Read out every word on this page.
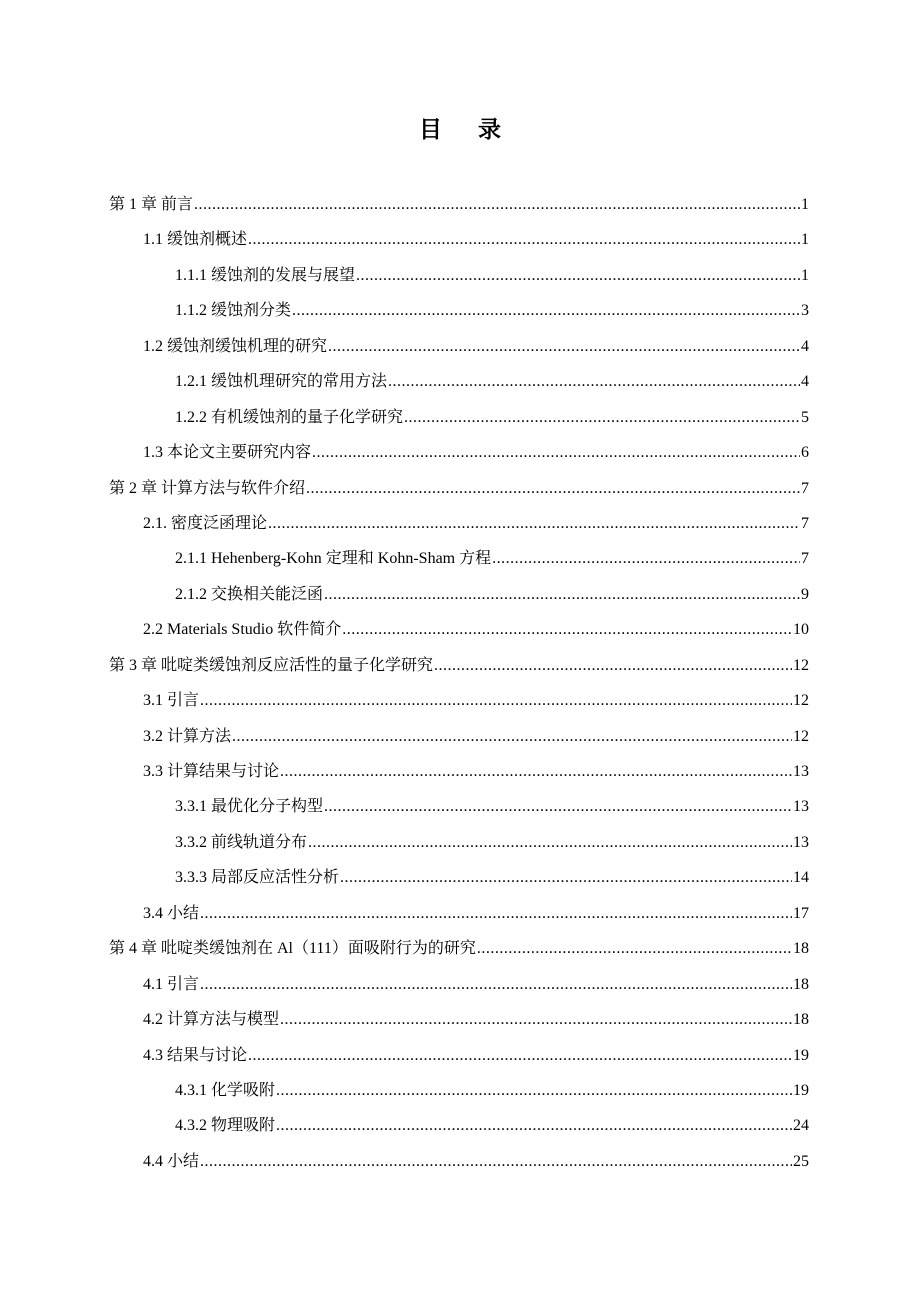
目 录
第 1 章 前言 .....	1
1.1 缓蚀剂概述 .....	1
1.1.1 缓蚀剂的发展与展望 .....	1
1.1.2 缓蚀剂分类 .....	3
1.2 缓蚀剂缓蚀机理的研究 .....	4
1.2.1 缓蚀机理研究的常用方法 .....	4
1.2.2 有机缓蚀剂的量子化学研究 .....	5
1.3 本论文主要研究内容 .....	6
第 2 章 计算方法与软件介绍 .....	7
2.1. 密度泛函理论 .....	7
2.1.1 Hehenberg-Kohn 定理和 Kohn-Sham 方程 .....	7
2.1.2 交换相关能泛函 .....	9
2.2 Materials Studio 软件简介 .....	10
第 3 章 吡啶类缓蚀剂反应活性的量子化学研究 .....	12
3.1 引言 .....	12
3.2 计算方法 .....	12
3.3 计算结果与讨论 .....	13
3.3.1 最优化分子构型 .....	13
3.3.2 前线轨道分布 .....	13
3.3.3 局部反应活性分析 .....	14
3.4 小结 .....	17
第 4 章 吡啶类缓蚀剂在 Al（111）面吸附行为的研究 .....	18
4.1 引言 .....	18
4.2 计算方法与模型 .....	18
4.3 结果与讨论 .....	19
4.3.1 化学吸附 .....	19
4.3.2 物理吸附 .....	24
4.4 小结 .....	25
